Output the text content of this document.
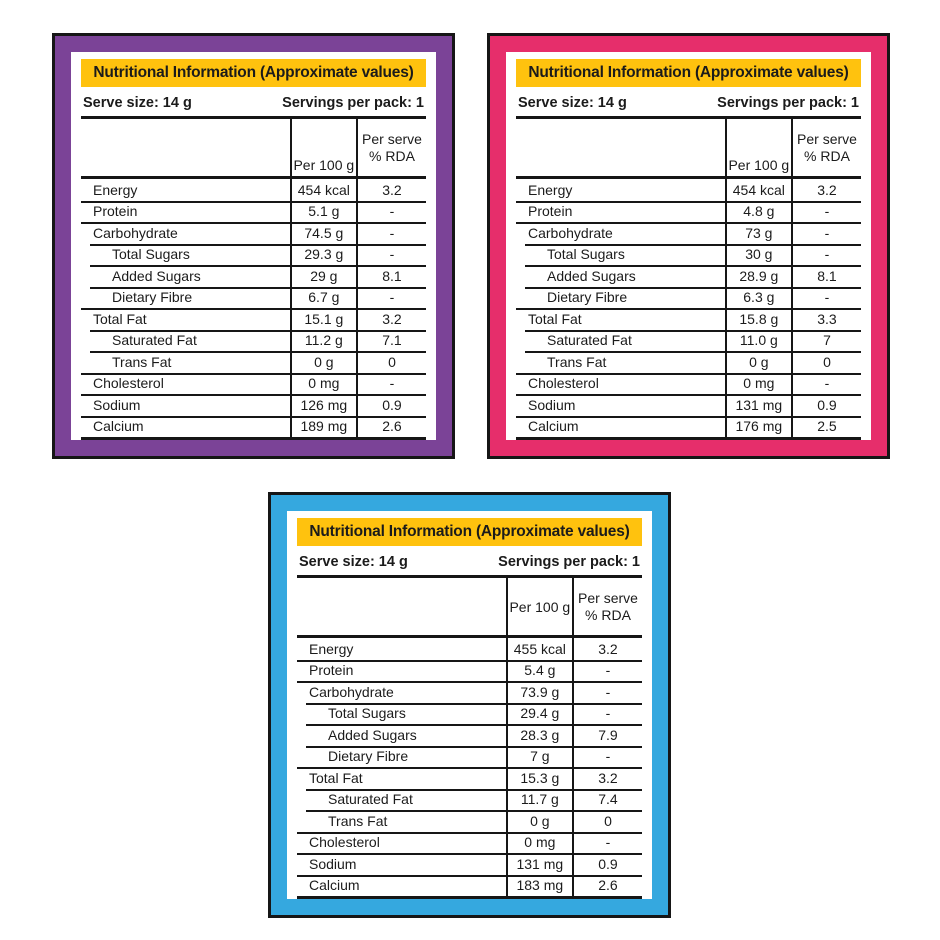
Nutritional Information (Approximate values)
Serve size: 14 g	Servings per pack: 1
Per 100 g
Per serve
% RDA
Energy	454 kcal	3.2
Protein	5.1 g	-
Carbohydrate	74.5 g	-
Total Sugars	29.3 g	-
Added Sugars	29 g	8.1
Dietary Fibre	6.7 g	-
Total Fat	15.1 g	3.2
Saturated Fat	11.2 g	7.1
Trans Fat	0 g	0
Cholesterol	0 mg	-
Sodium	126 mg	0.9
Calcium	189 mg	2.6
Nutritional Information (Approximate values)
Serve size: 14 g	Servings per pack: 1
Per 100 g
Per serve
% RDA
Energy	454 kcal	3.2
Protein	4.8 g	-
Carbohydrate	73 g	-
Total Sugars	30 g	-
Added Sugars	28.9 g	8.1
Dietary Fibre	6.3 g	-
Total Fat	15.8 g	3.3
Saturated Fat	11.0 g	7
Trans Fat	0 g	0
Cholesterol	0 mg	-
Sodium	131 mg	0.9
Calcium	176 mg	2.5
Nutritional Information (Approximate values)
Serve size: 14 g	Servings per pack: 1
Per 100 g
Per serve
% RDA
Energy	455 kcal	3.2
Protein	5.4 g	-
Carbohydrate	73.9 g	-
Total Sugars	29.4 g	-
Added Sugars	28.3 g	7.9
Dietary Fibre	7 g	-
Total Fat	15.3 g	3.2
Saturated Fat	11.7 g	7.4
Trans Fat	0 g	0
Cholesterol	0 mg	-
Sodium	131 mg	0.9
Calcium	183 mg	2.6
